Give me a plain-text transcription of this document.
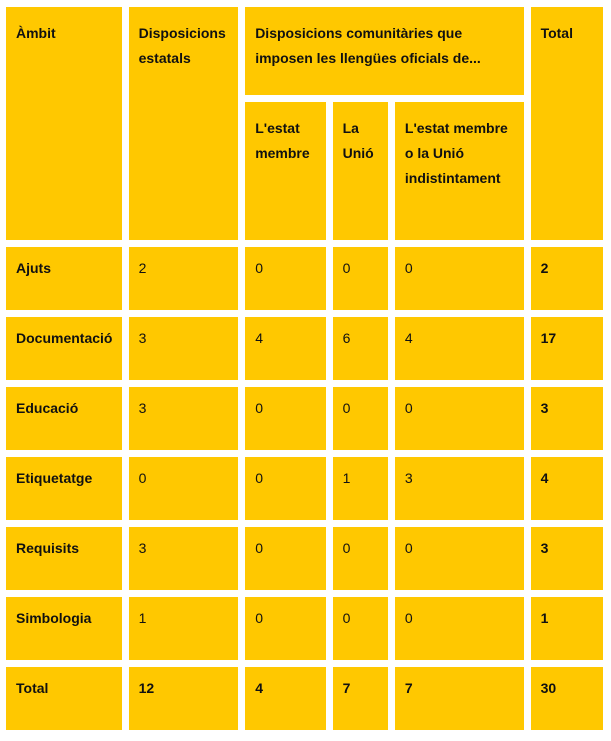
Àmbit	Disposicions estatals	Disposicions comunitàries que imposen les llengües oficials de...			Total
		L'estat membre	La Unió	L'estat membre o la Unió indistintament	
Ajuts	2	0	0	0	2
Documentació	3	4	6	4	17
Educació	3	0	0	0	3
Etiquetatge	0	0	1	3	4
Requisits	3	0	0	0	3
Simbologia	1	0	0	0	1
Total	12	4	7	7	30
